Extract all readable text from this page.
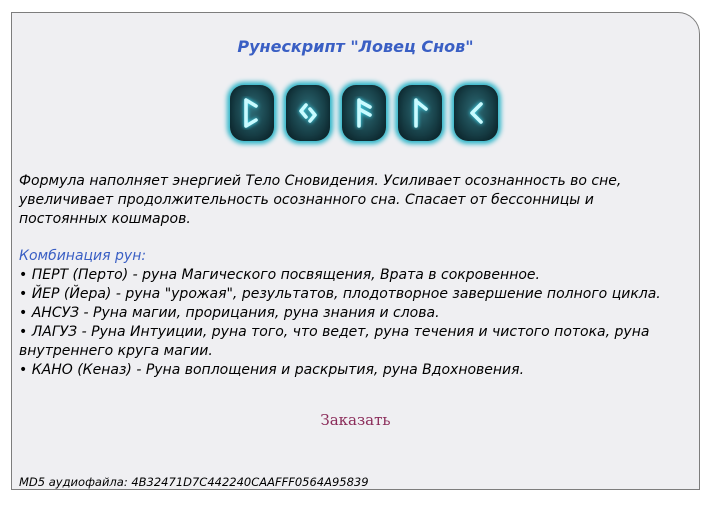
Рунескрипт "Ловец Снов"
Формула наполняет энергией Тело Сновидения. Усиливает осознанность во сне, увеличивает продолжительность осознанного сна. Спасает от бессонницы и постоянных кошмаров.
Комбинация рун:
• ПЕРТ (Перто) - руна Магического посвящения, Врата в сокровенное.
• ЙЕР (Йера) - руна "урожая", результатов, плодотворное завершение полного цикла.
• АНСУЗ - Руна магии, прорицания, руна знания и слова.
• ЛАГУЗ - Руна Интуиции, руна того, что ведет, руна течения и чистого потока, руна внутреннего круга магии.
• КАНО (Кеназ) - Руна воплощения и раскрытия, руна Вдохновения.
Заказать
MD5 аудиофайла: 4B32471D7C442240CAAFFF0564A95839
